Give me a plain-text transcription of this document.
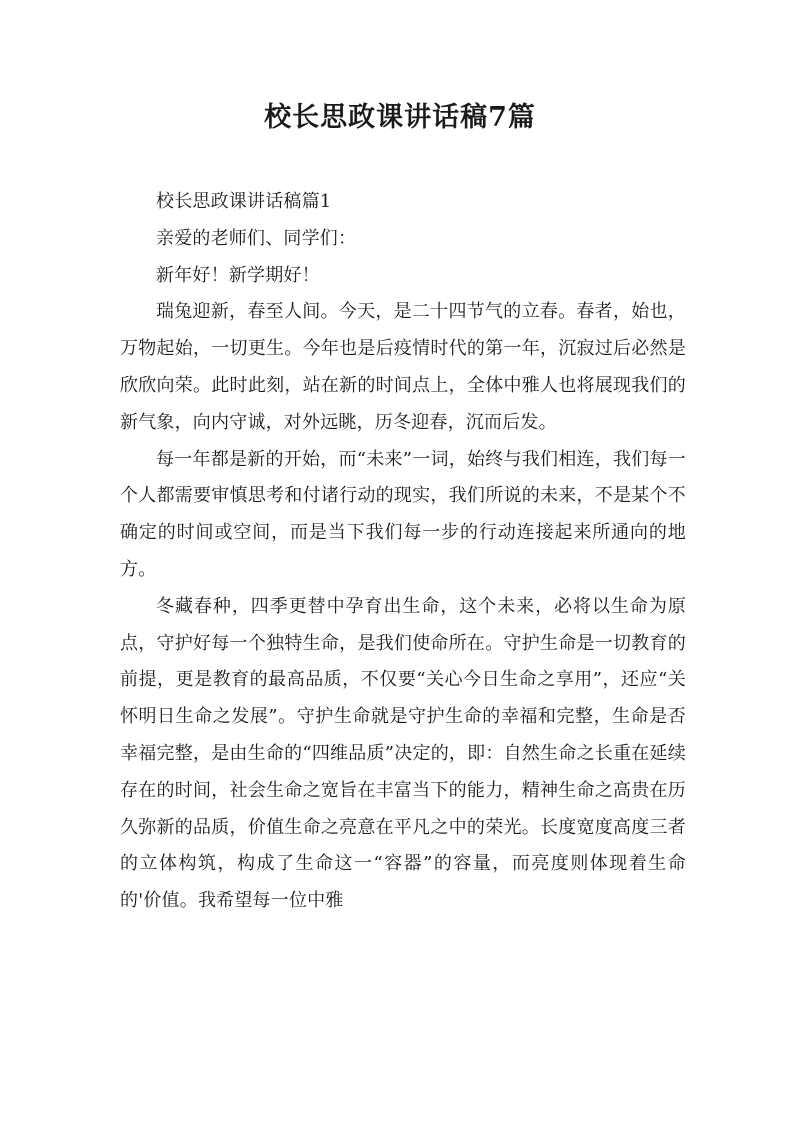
校长思政课讲话稿7篇

校长思政课讲话稿篇1

亲爱的老师们、同学们：

新年好！新学期好！

瑞兔迎新，春至人间。今天，是二十四节气的立春。春者，始也，万物起始，一切更生。今年也是后疫情时代的第一年，沉寂过后必然是欣欣向荣。此时此刻，站在新的时间点上，全体中雅人也将展现我们的新气象，向内守诚，对外远眺，历冬迎春，沉而后发。

每一年都是新的开始，而“未来”一词，始终与我们相连，我们每一个人都需要审慎思考和付诸行动的现实，我们所说的未来，不是某个不确定的时间或空间，而是当下我们每一步的行动连接起来所通向的地方。

冬藏春种，四季更替中孕育出生命，这个未来，必将以生命为原点，守护好每一个独特生命，是我们使命所在。守护生命是一切教育的前提，更是教育的最高品质，不仅要“关心今日生命之享用”，还应“关怀明日生命之发展”。守护生命就是守护生命的幸福和完整，生命是否幸福完整，是由生命的“四维品质”决定的，即：自然生命之长重在延续存在的时间，社会生命之宽旨在丰富当下的能力，精神生命之高贵在历久弥新的品质，价值生命之亮意在平凡之中的荣光。长度宽度高度三者的立体构筑，构成了生命这一“容器”的容量，而亮度则体现着生命的'价值。我希望每一位中雅
